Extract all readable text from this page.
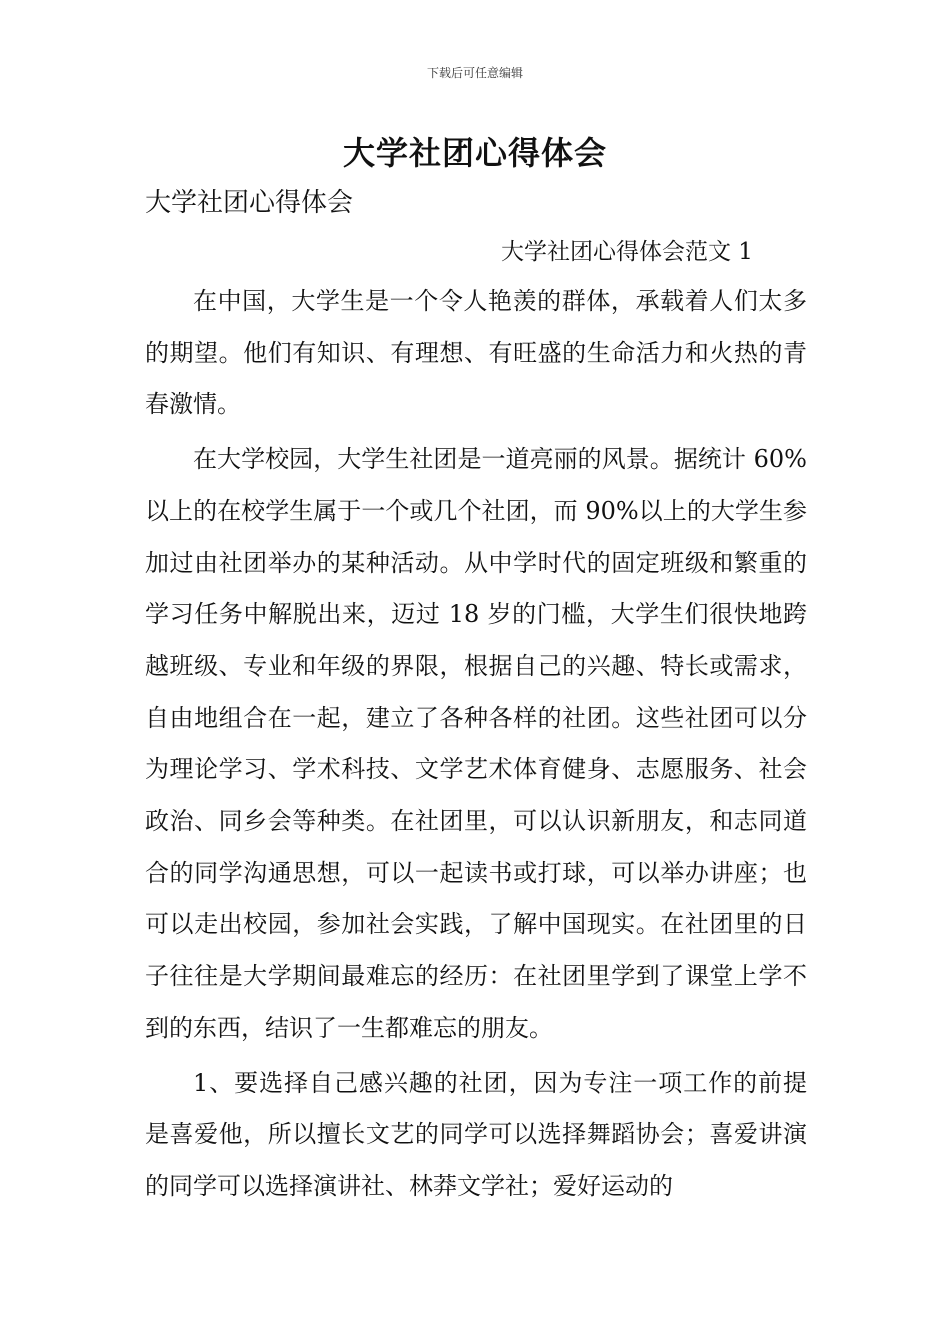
下载后可任意编辑
大学社团心得体会
大学社团心得体会
大学社团心得体会范文 1

在中国，大学生是一个令人艳羡的群体，承载着人们太多的期望。他们有知识、有理想、有旺盛的生命活力和火热的青春激情。

在大学校园，大学生社团是一道亮丽的风景。据统计 60%以上的在校学生属于一个或几个社团，而 90%以上的大学生参加过由社团举办的某种活动。从中学时代的固定班级和繁重的学习任务中解脱出来，迈过 18 岁的门槛，大学生们很快地跨越班级、专业和年级的界限，根据自己的兴趣、特长或需求，自由地组合在一起，建立了各种各样的社团。这些社团可以分为理论学习、学术科技、文学艺术体育健身、志愿服务、社会政治、同乡会等种类。在社团里，可以认识新朋友，和志同道合的同学沟通思想，可以一起读书或打球，可以举办讲座；也可以走出校园，参加社会实践，了解中国现实。在社团里的日子往往是大学期间最难忘的经历：在社团里学到了课堂上学不到的东西，结识了一生都难忘的朋友。

1、要选择自己感兴趣的社团，因为专注一项工作的前提是喜爱他，所以擅长文艺的同学可以选择舞蹈协会；喜爱讲演的同学可以选择演讲社、林莽文学社；爱好运动的
